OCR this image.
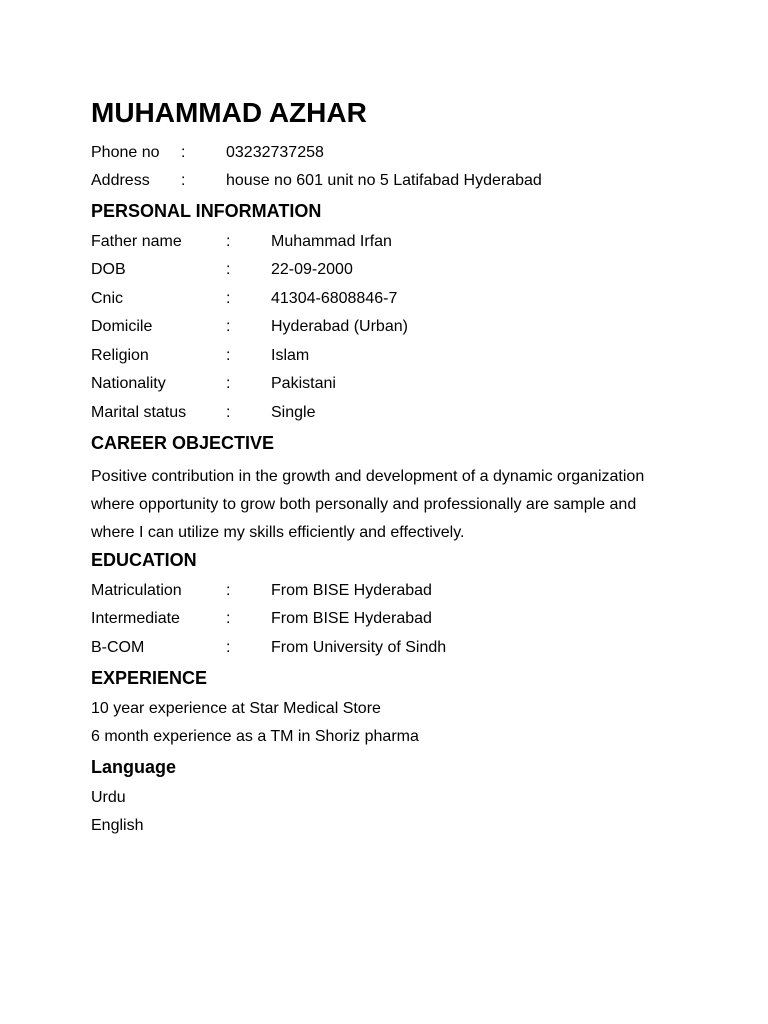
MUHAMMAD AZHAR
Phone no :	03232737258
Address :	house no 601 unit no 5 Latifabad Hyderabad
PERSONAL INFORMATION
Father name	:	Muhammad Irfan
DOB	:	22-09-2000
Cnic	:	41304-6808846-7
Domicile	:	Hyderabad (Urban)
Religion	:	Islam
Nationality	:	Pakistani
Marital status :	Single
CAREER OBJECTIVE
Positive contribution in the growth and development of a dynamic organization where opportunity to grow both personally and professionally are sample and where I can utilize my skills efficiently and effectively.
EDUCATION
Matriculation	:	From BISE Hyderabad
Intermediate	:	From BISE Hyderabad
B-COM	:	From University of Sindh
EXPERIENCE
10 year experience at Star Medical Store
6 month experience as a TM in Shoriz pharma
Language
Urdu
English
